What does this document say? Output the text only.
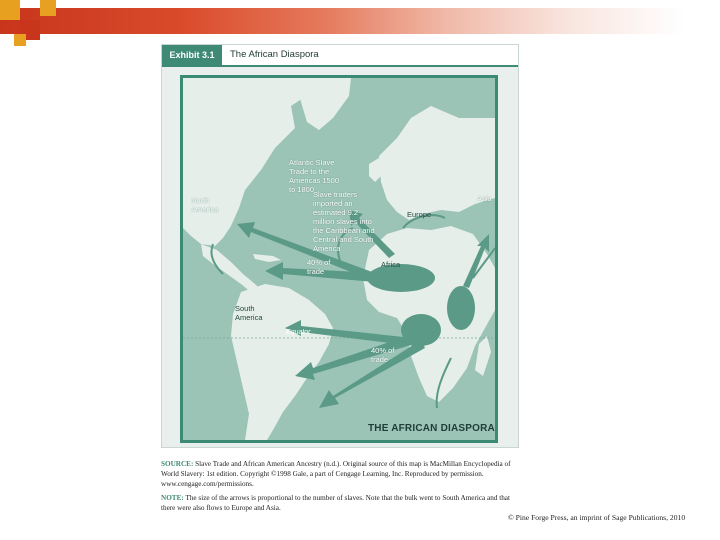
Exhibit 3.1	The African Diaspora
North
America
Atlantic Slave
Trade to the
Americas 1500
to 1800
Europe
Asia
Africa
40% of
trade
Equator
South
America
40% of
trade
Slave traders imported an estimated 9.2 million slaves into the Caribbean and Central and South America
THE AFRICAN DIASPORA
SOURCE: Slave Trade and African American Ancestry (n.d.). Original source of this map is MacMillan Encyclopedia of World Slavery: 1st edition. Copyright ©1998 Gale, a part of Cengage Learning, Inc. Reproduced by permission. www.cengage.com/permissions.
NOTE: The size of the arrows is proportional to the number of slaves. Note that the bulk went to South America and that there were also flows to Europe and Asia.
© Pine Forge Press, an imprint of Sage Publications, 2010
